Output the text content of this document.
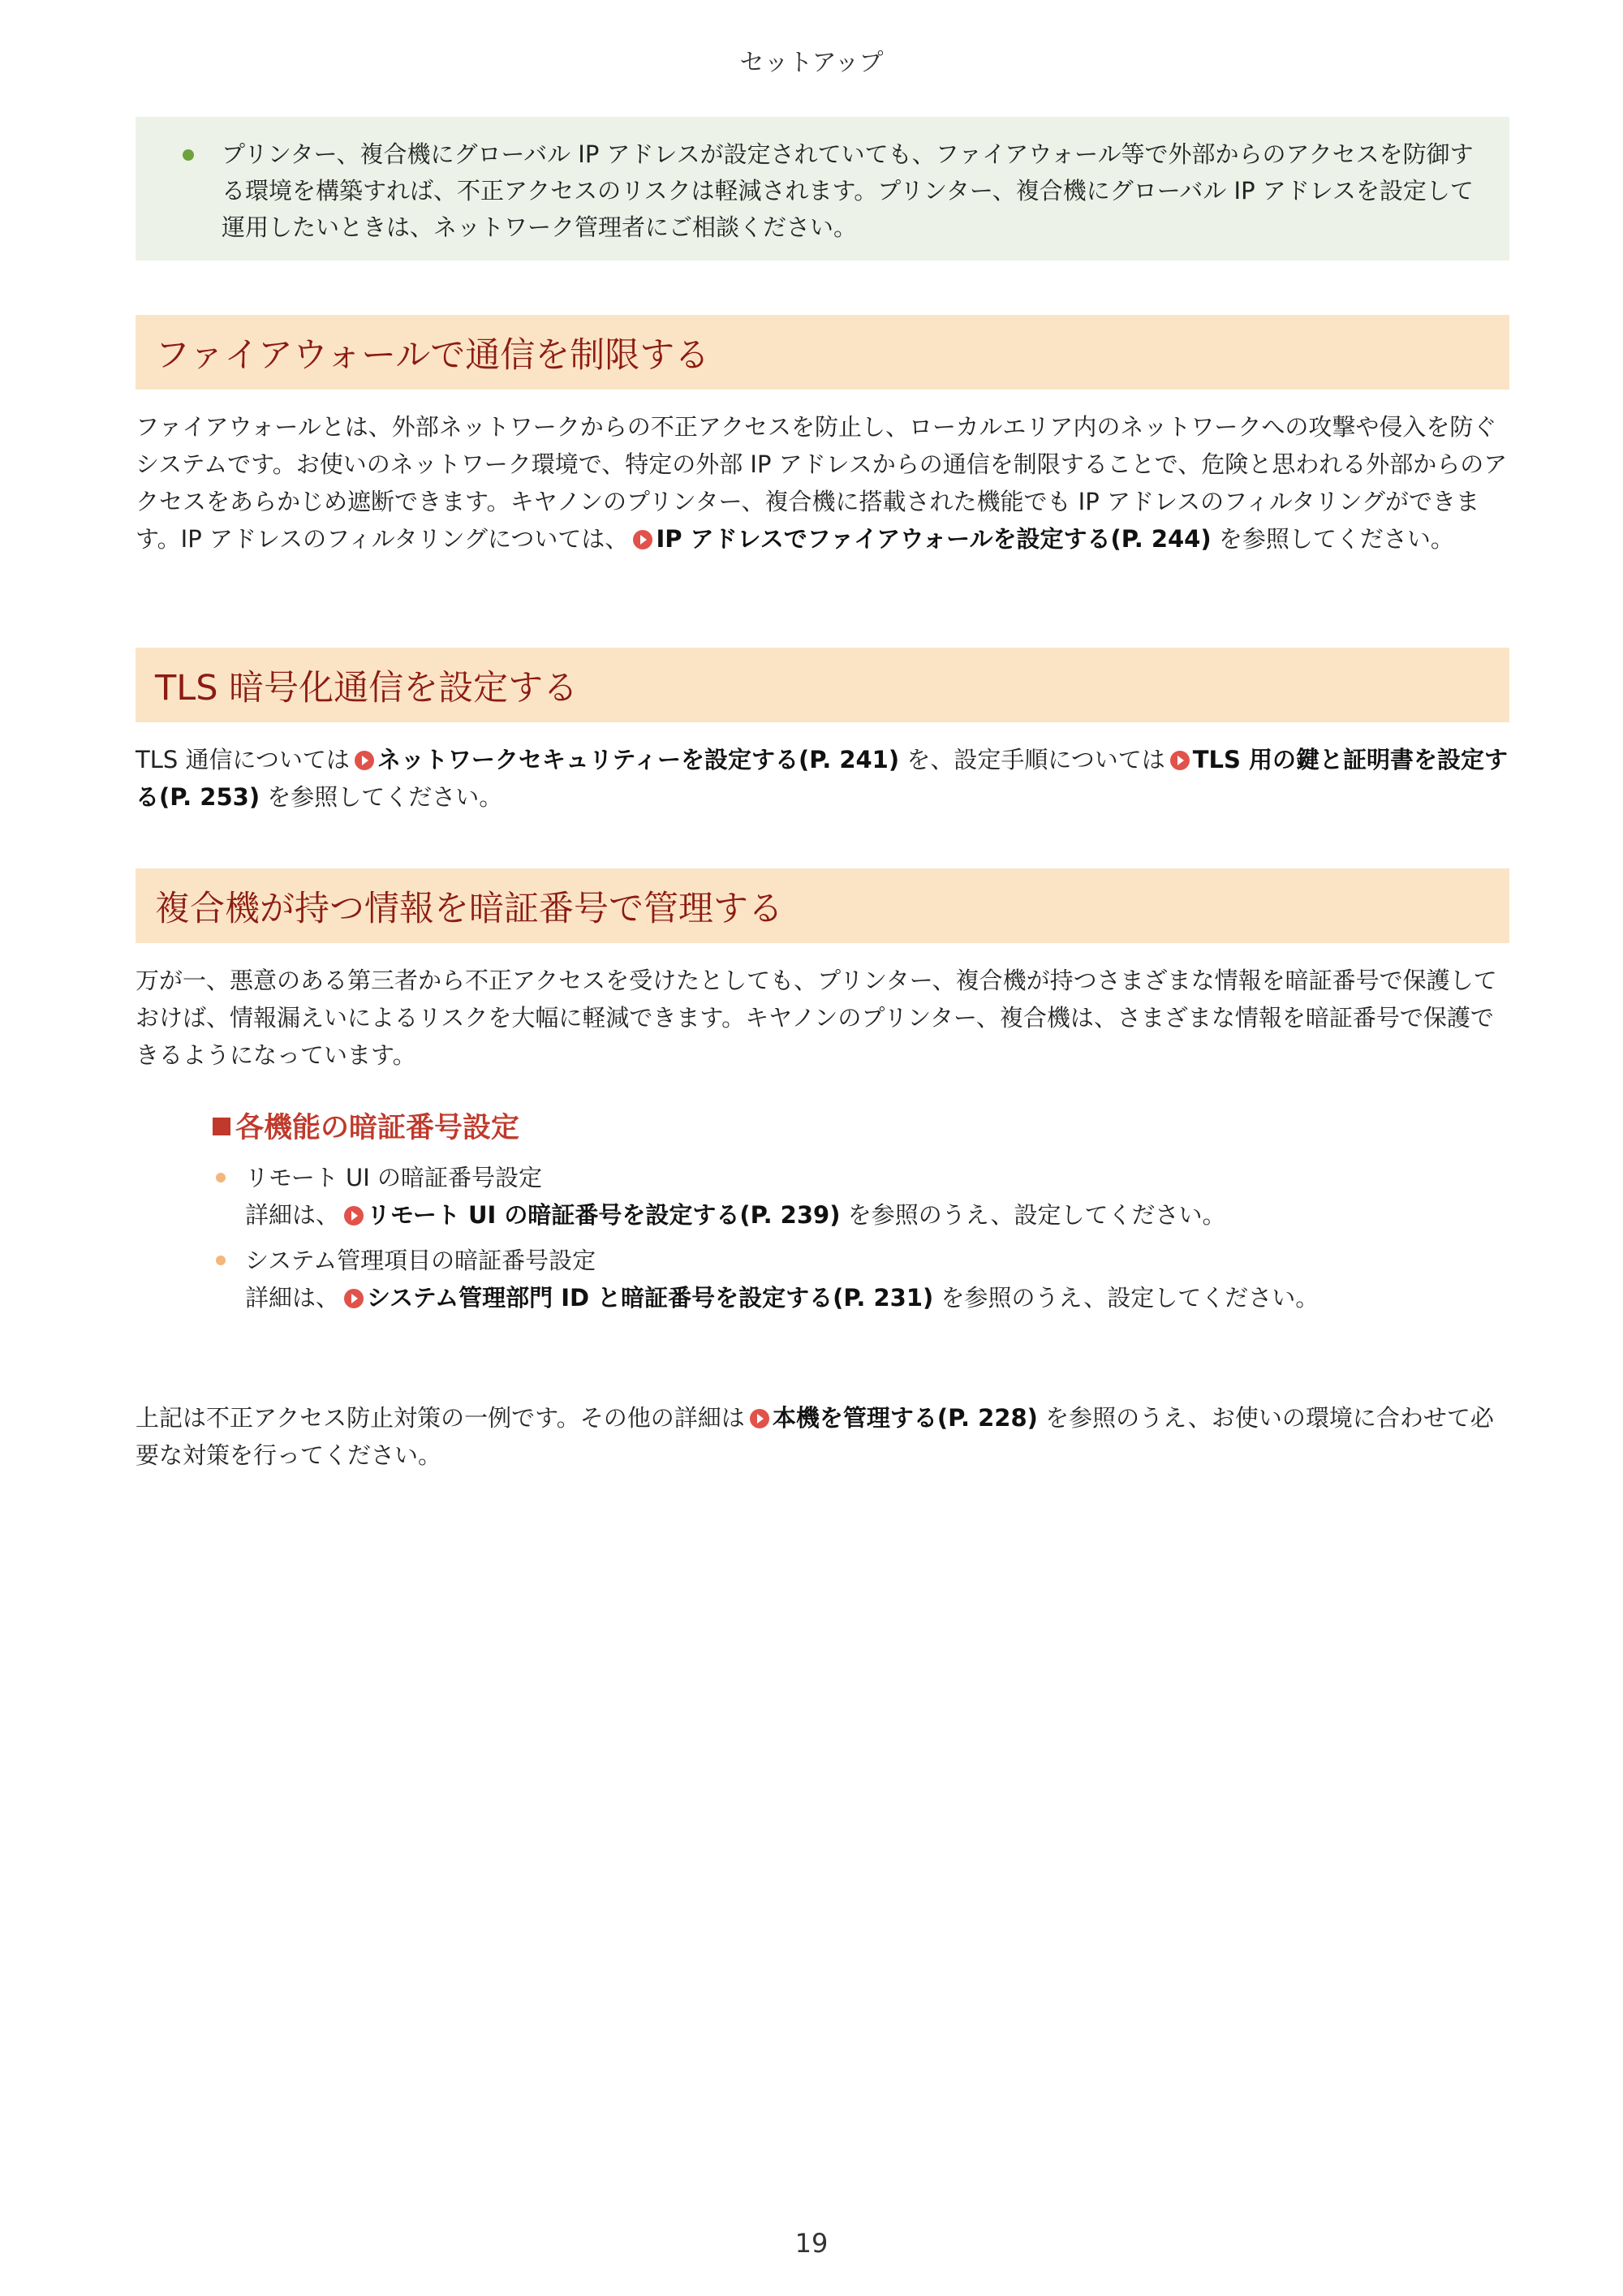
セットアップ
プリンター、複合機にグローバル IP アドレスが設定されていても、ファイアウォール等で外部からのアクセスを防御する環境を構築すれば、不正アクセスのリスクは軽減されます。プリンター、複合機にグローバル IP アドレスを設定して運用したいときは、ネットワーク管理者にご相談ください。
ファイアウォールで通信を制限する
ファイアウォールとは、外部ネットワークからの不正アクセスを防止し、ローカルエリア内のネットワークへの攻撃や侵入を防ぐシステムです。お使いのネットワーク環境で、特定の外部 IP アドレスからの通信を制限することで、危険と思われる外部からのアクセスをあらかじめ遮断できます。キヤノンのプリンター、複合機に搭載された機能でも IP アドレスのフィルタリングができます。IP アドレスのフィルタリングについては、 IP アドレスでファイアウォールを設定する(P. 244) を参照してください。
TLS 暗号化通信を設定する
TLS 通信については ネットワークセキュリティーを設定する(P. 241) を、設定手順については TLS 用の鍵と証明書を設定する(P. 253) を参照してください。
複合機が持つ情報を暗証番号で管理する
万が一、悪意のある第三者から不正アクセスを受けたとしても、プリンター、複合機が持つさまざまな情報を暗証番号で保護しておけば、情報漏えいによるリスクを大幅に軽減できます。キヤノンのプリンター、複合機は、さまざまな情報を暗証番号で保護できるようになっています。
各機能の暗証番号設定
リモート UI の暗証番号設定
詳細は、 リモート UI の暗証番号を設定する(P. 239) を参照のうえ、設定してください。
システム管理項目の暗証番号設定
詳細は、 システム管理部門 ID と暗証番号を設定する(P. 231) を参照のうえ、設定してください。
上記は不正アクセス防止対策の一例です。その他の詳細は 本機を管理する(P. 228) を参照のうえ、お使いの環境に合わせて必要な対策を行ってください。
19
